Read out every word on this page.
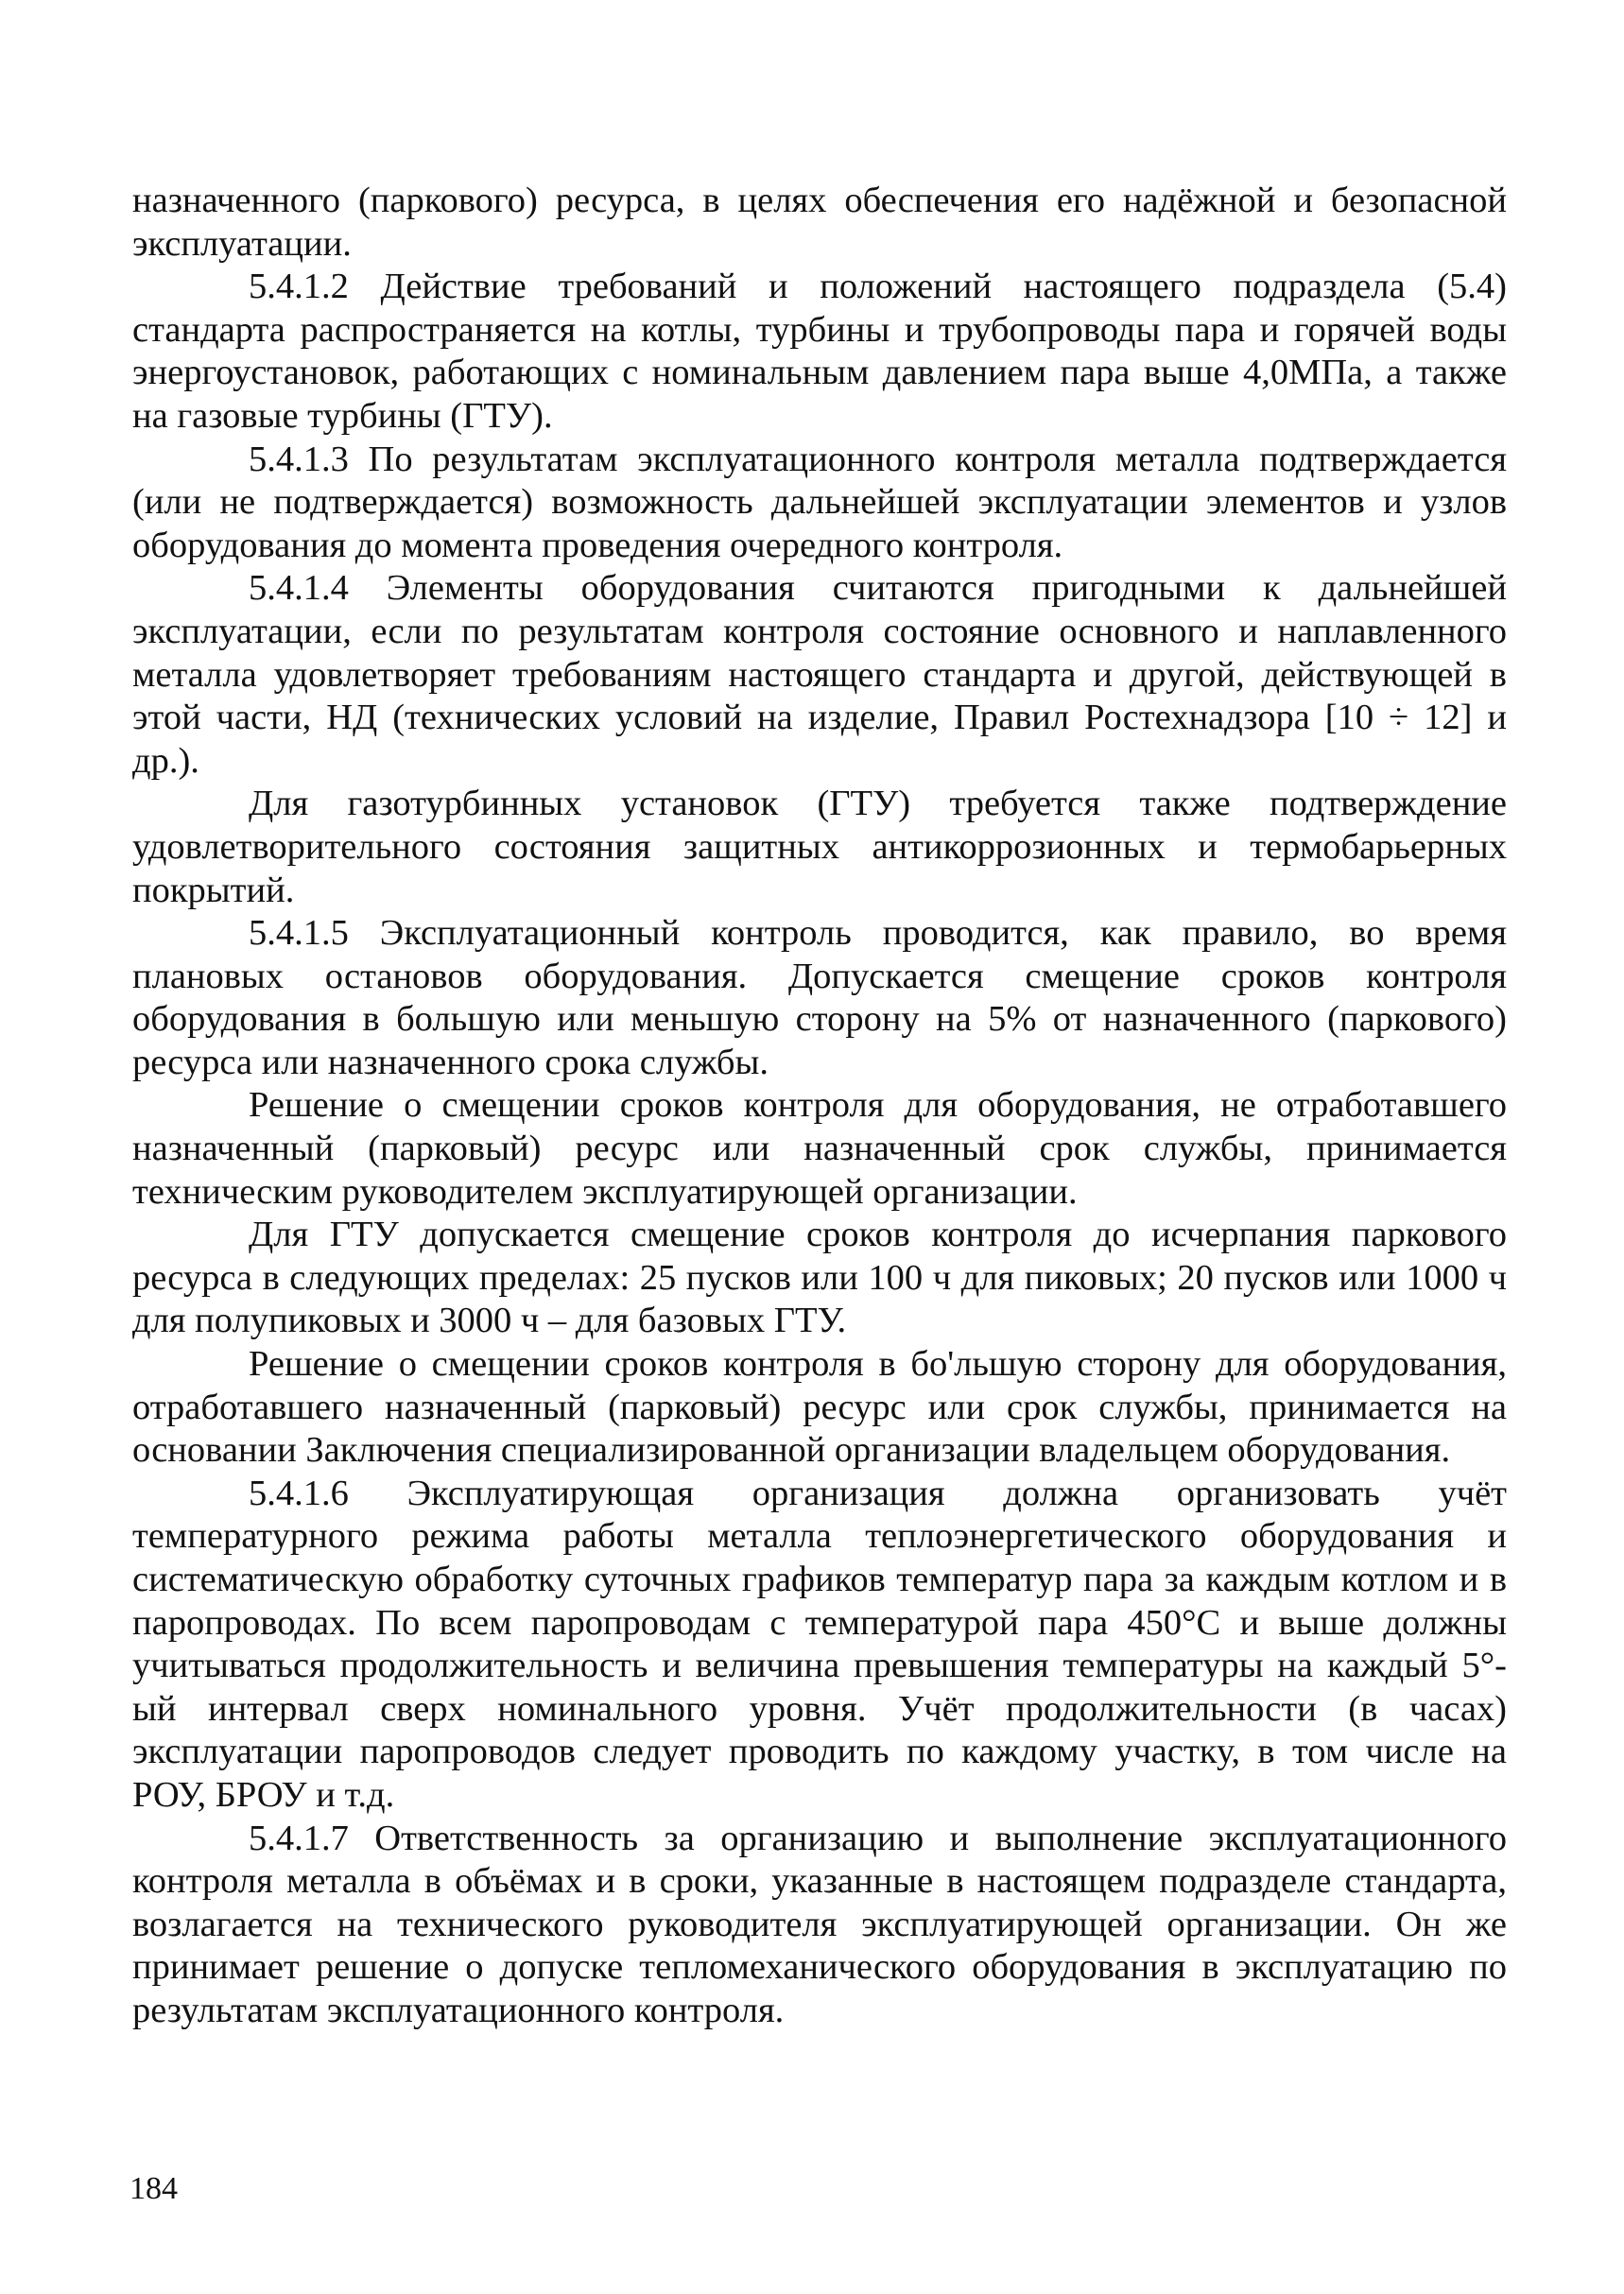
назначенного (паркового) ресурса, в целях обеспечения его надёжной и безопасной эксплуатации.

5.4.1.2 Действие требований и положений настоящего подраздела (5.4) стандарта распространяется на котлы, турбины и трубопроводы пара и горячей воды энергоустановок, работающих с номинальным давлением пара выше 4,0МПа, а также на газовые турбины (ГТУ).

5.4.1.3 По результатам эксплуатационного контроля металла подтверждается (или не подтверждается) возможность дальнейшей эксплуатации элементов и узлов оборудования до момента проведения очередного контроля.

5.4.1.4 Элементы оборудования считаются пригодными к дальнейшей эксплуатации, если по результатам контроля состояние основного и наплавленного металла удовлетворяет требованиям настоящего стандарта и другой, действующей в этой части, НД (технических условий на изделие, Правил Ростехнадзора [10 ÷ 12] и др.).

Для газотурбинных установок (ГТУ) требуется также подтверждение удовлетворительного состояния защитных антикоррозионных и термобарьерных покрытий.

5.4.1.5 Эксплуатационный контроль проводится, как правило, во время плановых остановов оборудования. Допускается смещение сроков контроля оборудования в большую или меньшую сторону на 5% от назначенного (паркового) ресурса или назначенного срока службы.

Решение о смещении сроков контроля для оборудования, не отработавшего назначенный (парковый) ресурс или назначенный срок службы, принимается техническим руководителем эксплуатирующей организации.

Для ГТУ допускается смещение сроков контроля до исчерпания паркового ресурса в следующих пределах: 25 пусков или 100 ч для пиковых; 20 пусков или 1000 ч для полупиковых и 3000 ч – для базовых ГТУ.

Решение о смещении сроков контроля в бо'льшую сторону для оборудования, отработавшего назначенный (парковый) ресурс или срок службы, принимается на основании Заключения специализированной организации владельцем оборудования.

5.4.1.6 Эксплуатирующая организация должна организовать учёт температурного режима работы металла теплоэнергетического оборудования и систематическую обработку суточных графиков температур пара за каждым котлом и в паропроводах. По всем паропроводам с температурой пара 450°С и выше должны учитываться продолжительность и величина превышения температуры на каждый 5°-ый интервал сверх номинального уровня. Учёт продолжительности (в часах) эксплуатации паропроводов следует проводить по каждому участку, в том числе на РОУ, БРОУ и т.д.

5.4.1.7 Ответственность за организацию и выполнение эксплуатационного контроля металла в объёмах и в сроки, указанные в настоящем подразделе стандарта, возлагается на технического руководителя эксплуатирующей организации. Он же принимает решение о допуске тепломеханического оборудования в эксплуатацию по результатам эксплуатационного контроля.

184
